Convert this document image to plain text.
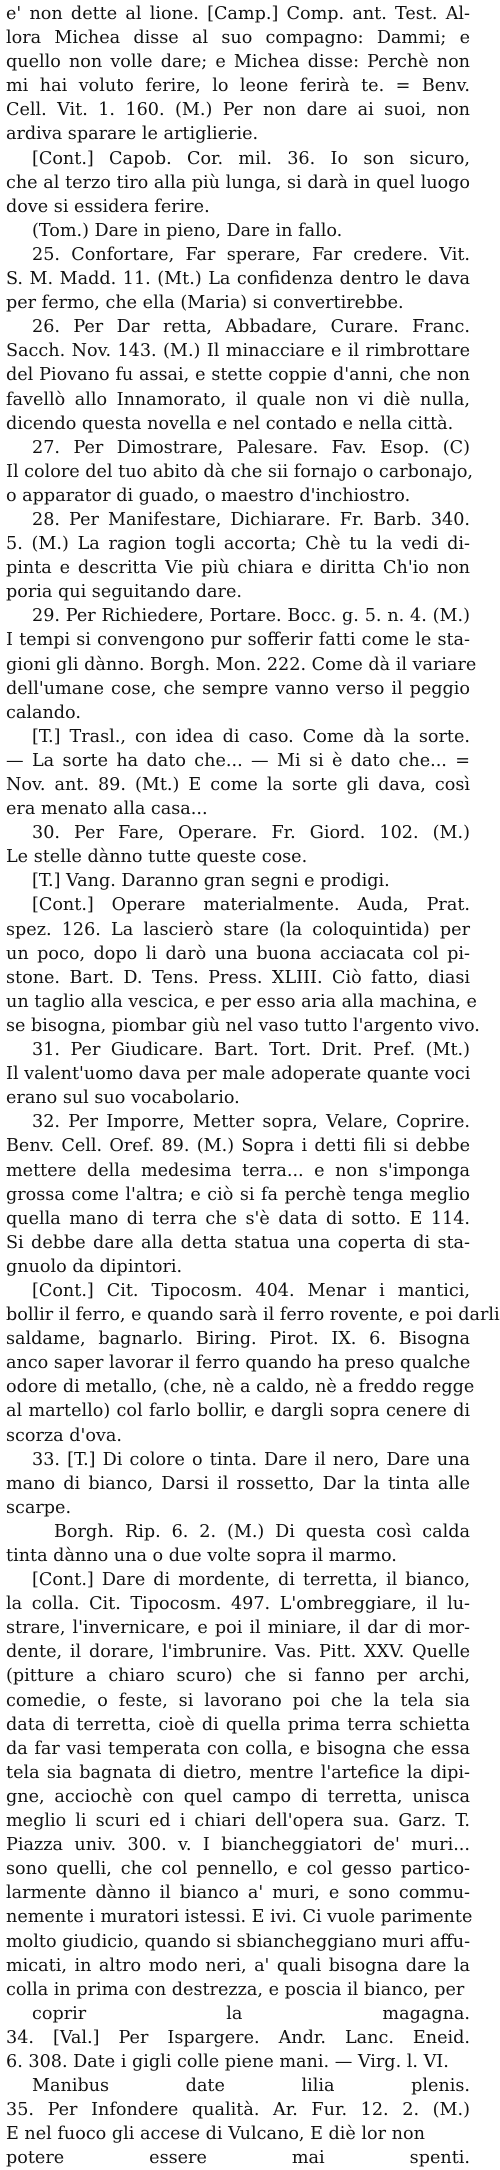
e' non dette al lione. [Camp.] Comp. ant. Test. Al-
lora Michea disse al suo compagno: Dammi; e
quello non volle dare; e Michea disse: Perchè non
mi hai voluto ferire, lo leone ferirà te. = Benv.
Cell. Vit. 1. 160. (M.) Per non dare ai suoi, non
ardiva sparare le artiglierie.
[Cont.] Capob. Cor. mil. 36. Io son sicuro,
che al terzo tiro alla più lunga, si darà in quel luogo
dove si essidera ferire.
(Tom.) Dare in pieno, Dare in fallo.
25. Confortare, Far sperare, Far credere. Vit.
S. M. Madd. 11. (Mt.) La confidenza dentro le dava
per fermo, che ella (Maria) si convertirebbe.
26. Per Dar retta, Abbadare, Curare. Franc.
Sacch. Nov. 143. (M.) Il minacciare e il rimbrottare
del Piovano fu assai, e stette coppie d'anni, che non
favellò allo Innamorato, il quale non vi diè nulla,
dicendo questa novella e nel contado e nella città.
27. Per Dimostrare, Palesare. Fav. Esop. (C)
Il colore del tuo abito dà che sii fornajo o carbonajo,
o apparator di guado, o maestro d'inchiostro.
28. Per Manifestare, Dichiarare. Fr. Barb. 340.
5. (M.) La ragion togli accorta; Chè tu la vedi di-
pinta e descritta Vie più chiara e diritta Ch'io non
poria qui seguitando dare.
29. Per Richiedere, Portare. Bocc. g. 5. n. 4. (M.)
I tempi si convengono pur sofferir fatti come le sta-
gioni gli dànno. Borgh. Mon. 222. Come dà il variare
dell'umane cose, che sempre vanno verso il peggio
calando.
[T.] Trasl., con idea di caso. Come dà la sorte.
— La sorte ha dato che... — Mi si è dato che... =
Nov. ant. 89. (Mt.) E come la sorte gli dava, così
era menato alla casa...
30. Per Fare, Operare. Fr. Giord. 102. (M.)
Le stelle dànno tutte queste cose.
[T.] Vang. Daranno gran segni e prodigi.
[Cont.] Operare materialmente. Auda, Prat.
spez. 126. La lascierò stare (la coloquintida) per
un poco, dopo li darò una buona acciacata col pi-
stone. Bart. D. Tens. Press. XLIII. Ciò fatto, diasi
un taglio alla vescica, e per esso aria alla machina, e
se bisogna, piombar giù nel vaso tutto l'argento vivo.
31. Per Giudicare. Bart. Tort. Drit. Pref. (Mt.)
Il valent'uomo dava per male adoperate quante voci
erano sul suo vocabolario.
32. Per Imporre, Metter sopra, Velare, Coprire.
Benv. Cell. Oref. 89. (M.) Sopra i detti fili si debbe
mettere della medesima terra... e non s'imponga
grossa come l'altra; e ciò si fa perchè tenga meglio
quella mano di terra che s'è data di sotto. E 114.
Si debbe dare alla detta statua una coperta di sta-
gnuolo da dipintori.
[Cont.] Cit. Tipocosm. 404. Menar i mantici,
bollir il ferro, e quando sarà il ferro rovente, e poi darli
saldame, bagnarlo. Biring. Pirot. IX. 6. Bisogna
anco saper lavorar il ferro quando ha preso qualche
odore di metallo, (che, nè a caldo, nè a freddo regge
al martello) col farlo bollir, e dargli sopra cenere di
scorza d'ova.
33. [T.] Di colore o tinta. Dare il nero, Dare una
mano di bianco, Darsi il rossetto, Dar la tinta alle
scarpe.
Borgh. Rip. 6. 2. (M.) Di questa così calda
tinta dànno una o due volte sopra il marmo.
[Cont.] Dare di mordente, di terretta, il bianco,
la colla. Cit. Tipocosm. 497. L'ombreggiare, il lu-
strare, l'invernicare, e poi il miniare, il dar di mor-
dente, il dorare, l'imbrunire. Vas. Pitt. XXV. Quelle
(pitture a chiaro scuro) che si fanno per archi,
comedie, o feste, si lavorano poi che la tela sia
data di terretta, cioè di quella prima terra schietta
da far vasi temperata con colla, e bisogna che essa
tela sia bagnata di dietro, mentre l'artefice la dipi-
gne, acciochè con quel campo di terretta, unisca
meglio li scuri ed i chiari dell'opera sua. Garz. T.
Piazza univ. 300. v. I biancheggiatori de' muri...
sono quelli, che col pennello, e col gesso partico-
larmente dànno il bianco a' muri, e sono commu-
nemente i muratori istessi. E ivi. Ci vuole parimente
molto giudicio, quando si sbiancheggiano muri affu-
micati, in altro modo neri, a' quali bisogna dare la
colla in prima con destrezza, e poscia il bianco, per
coprir la magagna.
34. [Val.] Per Ispargere. Andr. Lanc. Eneid.
6. 308. Date i gigli colle piene mani. — Virg. l. VI.
Manibus date lilia plenis.
35. Per Infondere qualità. Ar. Fur. 12. 2. (M.)
E nel fuoco gli accese di Vulcano, E diè lor non
potere essere mai spenti.
